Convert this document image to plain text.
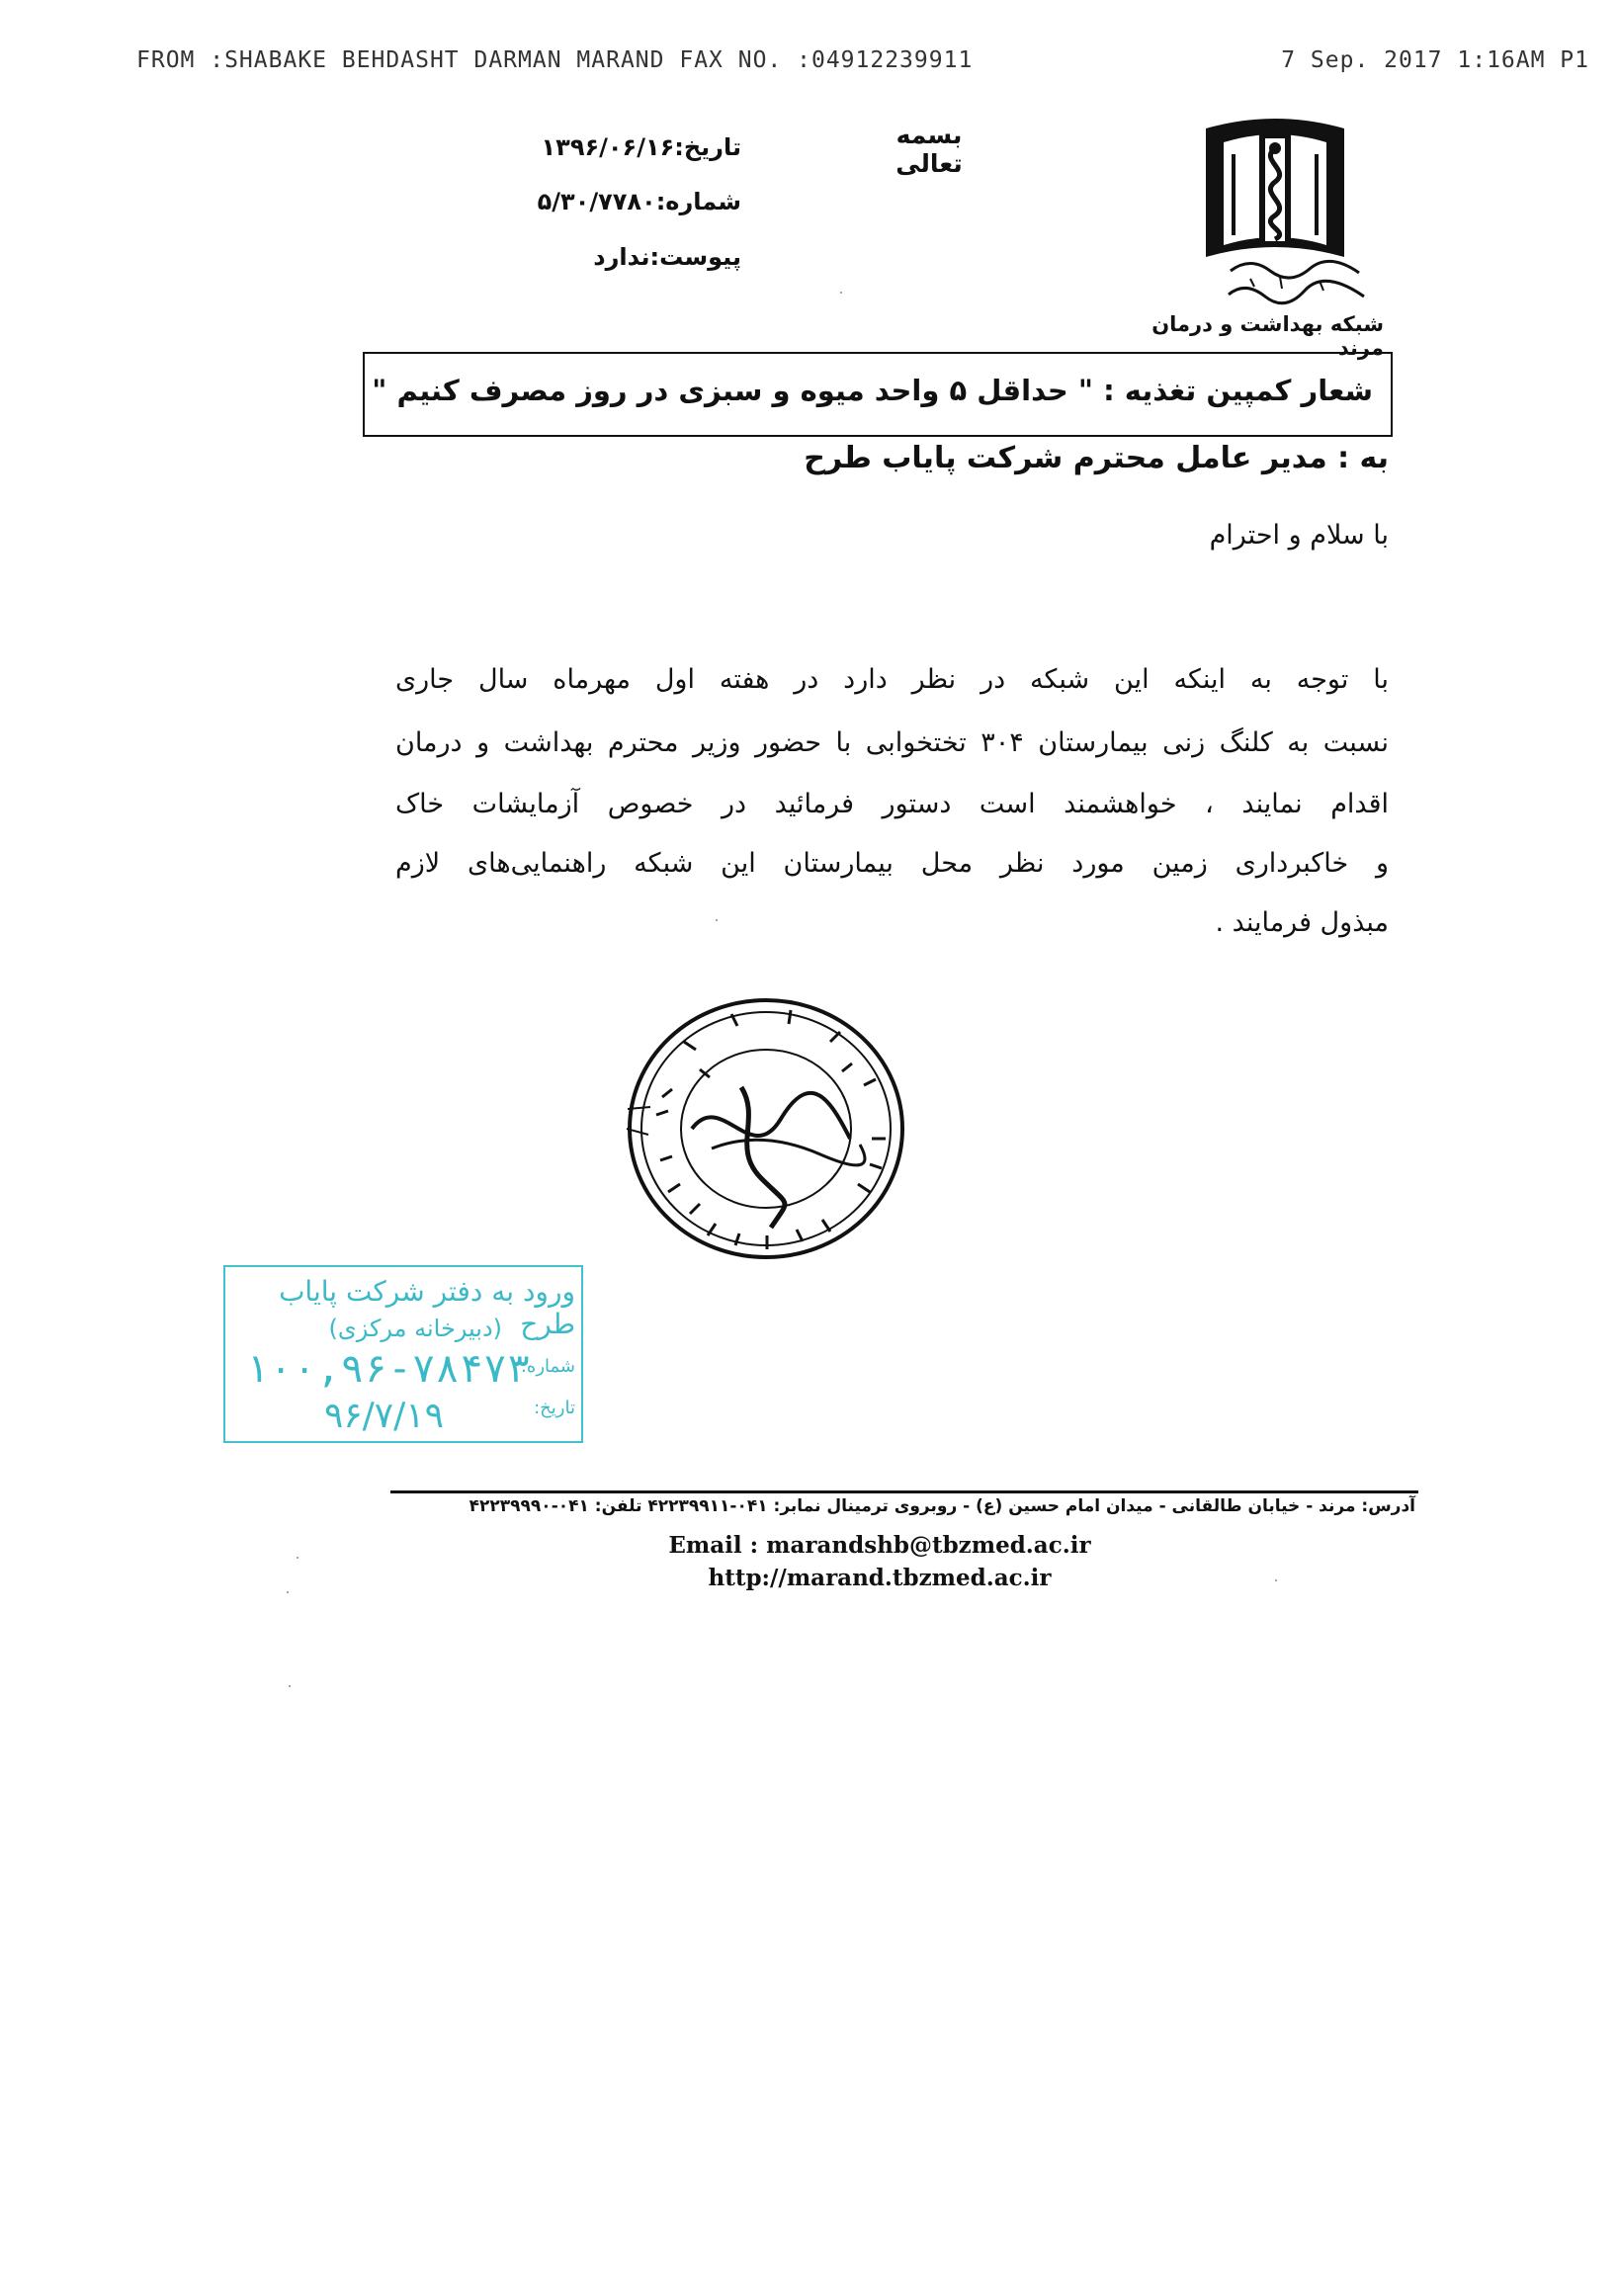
FROM :SHABAKE BEHDASHT DARMAN MARAND FAX NO. :04912239911	7 Sep. 2017 1:16AM P1
شبکه بهداشت و درمان مرند
بسمه تعالی
تاریخ:۱۳۹۶/۰۶/۱۶
شماره:۵/۳۰/۷۷۸۰
پیوست:ندارد
شعار کمپین تغذیه : " حداقل ۵ واحد میوه و سبزی در روز مصرف کنیم "
به : مدیر عامل محترم شرکت پایاب طرح
با سلام و احترام
با توجه به اینکه این شبکه در نظر دارد در هفته اول مهرماه سال جاری
نسبت به کلنگ زنی بیمارستان ۳۰۴ تختخوابی با حضور وزیر محترم بهداشت و درمان
اقدام نمایند ، خواهشمند است دستور فرمائید در خصوص آزمایشات خاک
و خاکبرداری زمین مورد نظر محل بیمارستان این شبکه راهنمایی‌های لازم
مبذول فرمایند .
ورود به دفتر شرکت پایاب طرح
(دبیرخانه مرکزی)
شماره:
۱۰۰,۹۶-۷۸۴۷۳
تاریخ:
۹۶/۷/۱۹
آدرس: مرند - خیابان طالقانی - میدان امام حسین (ع) - روبروی ترمینال نمابر: ۰۴۱-۴۲۲۳۹۹۱۱ تلفن: ۰۴۱-۴۲۲۳۹۹۹۰
Email : marandshb@tbzmed.ac.ir
http://marand.tbzmed.ac.ir
